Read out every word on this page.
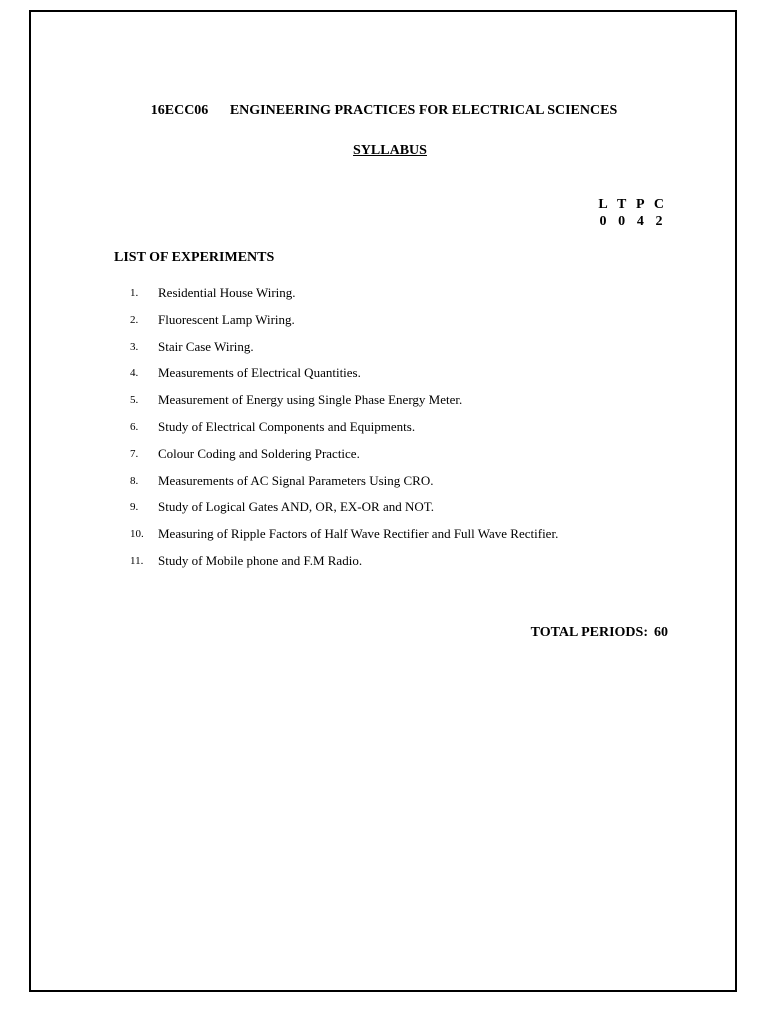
16ECC06 ENGINEERING PRACTICES FOR ELECTRICAL SCIENCES
SYLLABUS
L T P C
0 0 4 2
LIST OF EXPERIMENTS
1.	Residential House Wiring.
2.	Fluorescent Lamp Wiring.
3.	Stair Case Wiring.
4.	Measurements of Electrical Quantities.
5.	Measurement of Energy using Single Phase Energy Meter.
6.	Study of Electrical Components and Equipments.
7.	Colour Coding and Soldering Practice.
8.	Measurements of AC Signal Parameters Using CRO.
9.	Study of Logical Gates AND, OR, EX-OR and NOT.
10.	Measuring of Ripple Factors of Half Wave Rectifier and Full Wave Rectifier.
11.	Study of Mobile phone and F.M Radio.
TOTAL PERIODS: 60
